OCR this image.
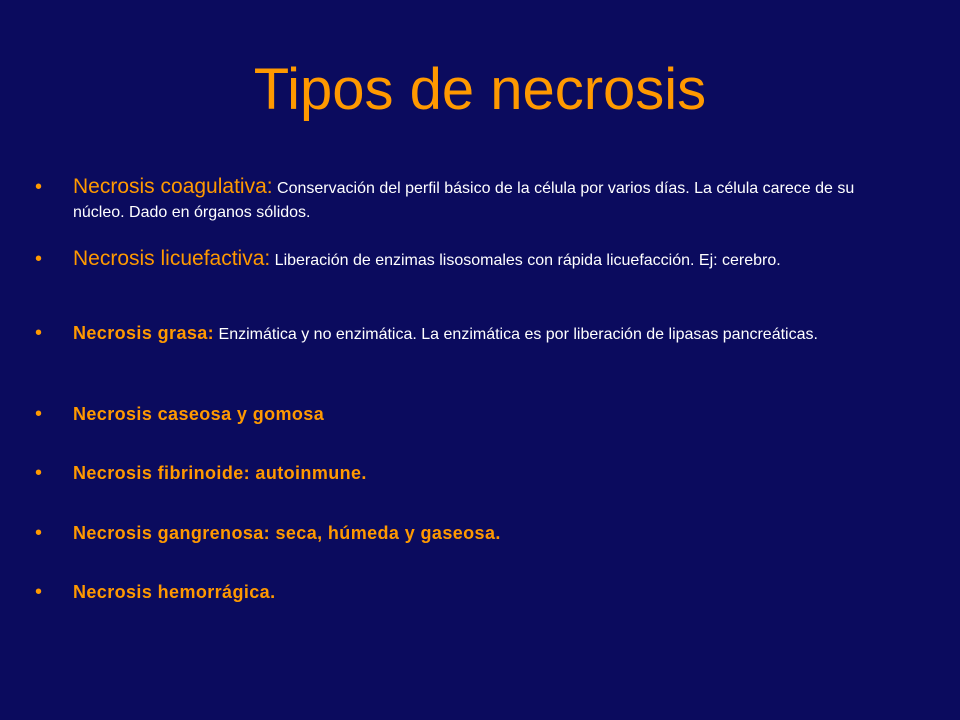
Tipos de necrosis
• Necrosis coagulativa: Conservación del perfil básico de la célula por varios días. La célula carece de su núcleo. Dado en órganos sólidos.
• Necrosis licuefactiva: Liberación de enzimas lisosomales con rápida licuefacción. Ej: cerebro.
• Necrosis grasa: Enzimática y no enzimática. La enzimática es por liberación de lipasas pancreáticas.
• Necrosis caseosa y gomosa
• Necrosis fibrinoide: autoinmune.
• Necrosis gangrenosa: seca, húmeda y gaseosa.
• Necrosis hemorrágica.
